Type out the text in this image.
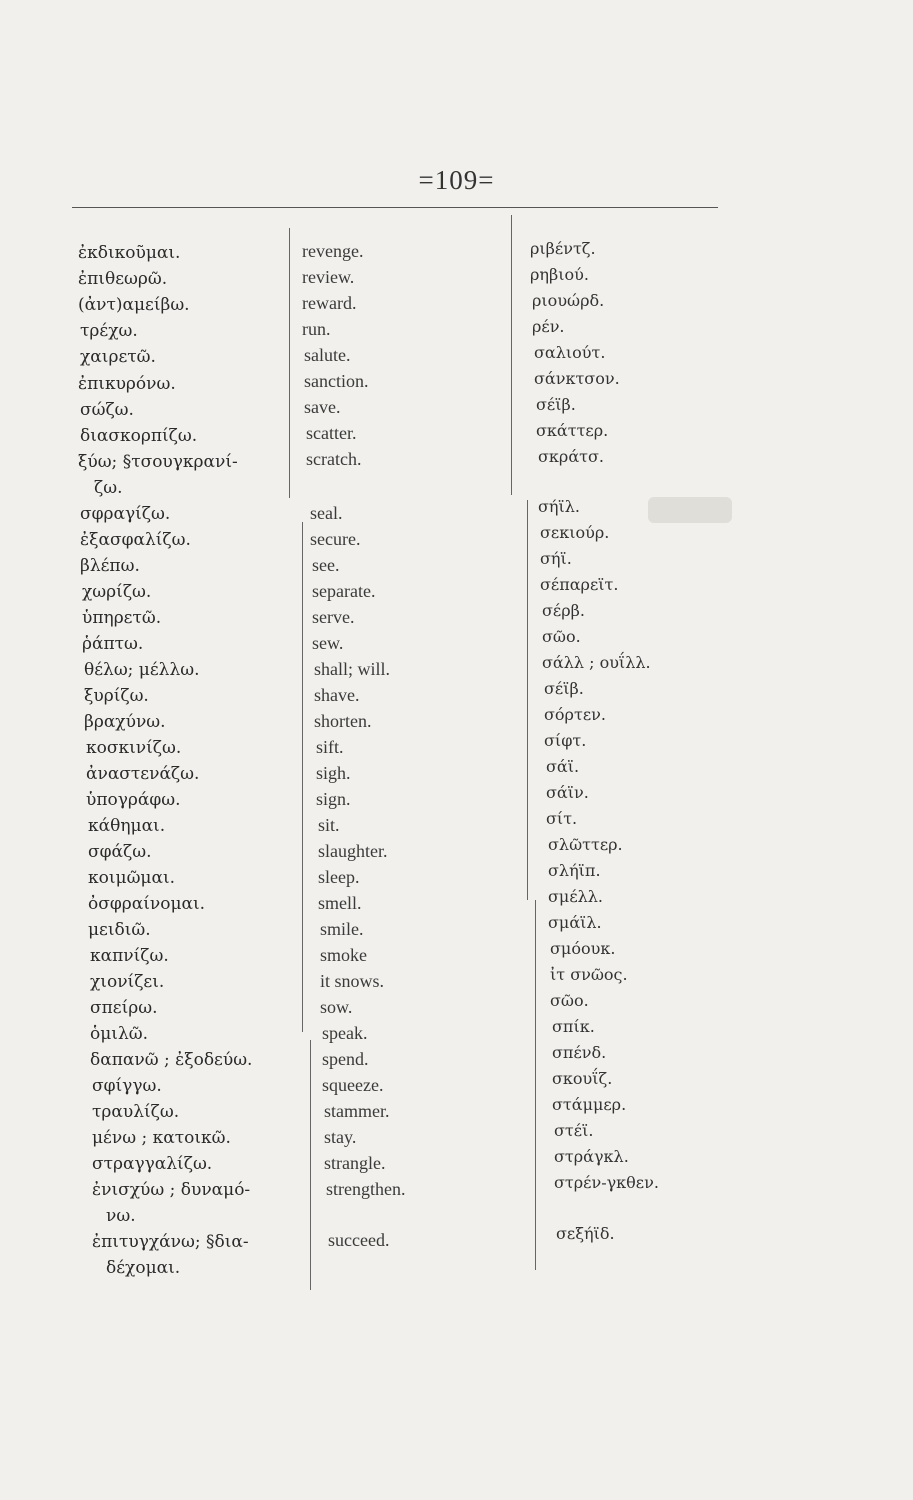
=109=
ἐκδικοῦμαι.
ἐπιθεωρῶ.
(ἀντ)αμείβω.
τρέχω.
χαιρετῶ.
ἐπικυρόνω.
σώζω.
διασκορπίζω.
ξύω; §τσουγκρανί-
ζω.
σφραγίζω.
ἐξασφαλίζω.
βλέπω.
χωρίζω.
ὑπηρετῶ.
ῥάπτω.
θέλω; μέλλω.
ξυρίζω.
βραχύνω.
κοσκινίζω.
ἀναστενάζω.
ὑπογράφω.
κάθημαι.
σφάζω.
κοιμῶμαι.
ὀσφραίνομαι.
μειδιῶ.
καπνίζω.
χιονίζει.
σπείρω.
ὁμιλῶ.
δαπανῶ ; ἐξοδεύω.
σφίγγω.
τραυλίζω.
μένω ; κατοικῶ.
στραγγαλίζω.
ἐνισχύω ; δυναμό-
νω.
ἐπιτυγχάνω; §δια-
δέχομαι.
revenge.
review.
reward.
run.
salute.
sanction.
save.
scatter.
scratch.
seal.
secure.
see.
separate.
serve.
sew.
shall; will.
shave.
shorten.
sift.
sigh.
sign.
sit.
slaughter.
sleep.
smell.
smile.
smoke
it snows.
sow.
speak.
spend.
squeeze.
stammer.
stay.
strangle.
strengthen.
succeed.
ριβέντζ.
ρηβιού.
ριουώρδ.
ρέν.
σαλιούτ.
σάνκτσον.
σέϊβ.
σκάττερ.
σκράτσ.
σήϊλ.
σεκιούρ.
σήϊ.
σέπαρεϊτ.
σέρβ.
σῶο.
σάλλ ; ουΐλλ.
σέϊβ.
σόρτεν.
σίφτ.
σάϊ.
σάϊν.
σίτ.
σλῶττερ.
σλήϊπ.
σμέλλ.
σμάϊλ.
σμόουκ.
ἰτ σνῶος.
σῶο.
σπίκ.
σπένδ.
σκουΐζ.
στάμμερ.
στέϊ.
στράγκλ.
στρέν-γκθεν.
σεξήϊδ.
